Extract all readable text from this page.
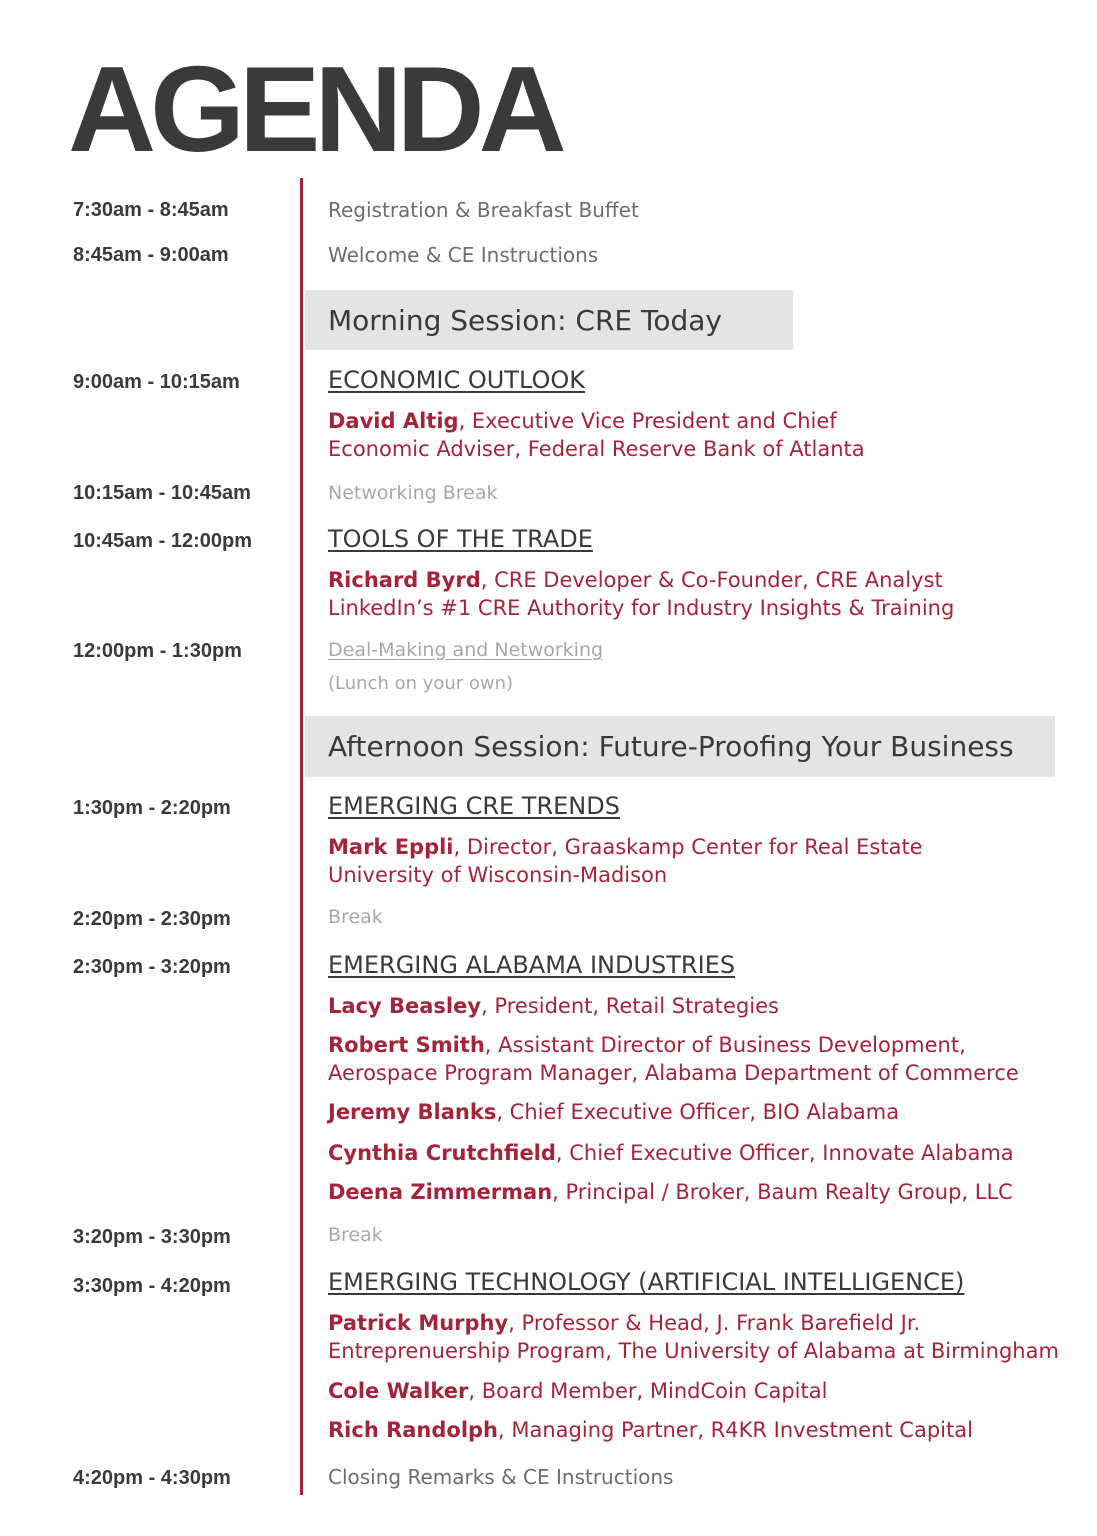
AGENDA
7:30am - 8:45am	Registration & Breakfast Buffet
8:45am - 9:00am	Welcome & CE Instructions
Morning Session: CRE Today
9:00am - 10:15am	ECONOMIC OUTLOOK
David Altig, Executive Vice President and Chief
Economic Adviser, Federal Reserve Bank of Atlanta
10:15am - 10:45am	Networking Break
10:45am - 12:00pm	TOOLS OF THE TRADE
Richard Byrd, CRE Developer & Co-Founder, CRE Analyst
LinkedIn’s #1 CRE Authority for Industry Insights & Training
12:00pm - 1:30pm	Deal-Making and Networking
(Lunch on your own)
Afternoon Session: Future-Proofing Your Business
1:30pm - 2:20pm	EMERGING CRE TRENDS
Mark Eppli, Director, Graaskamp Center for Real Estate
University of Wisconsin-Madison
2:20pm - 2:30pm	Break
2:30pm - 3:20pm	EMERGING ALABAMA INDUSTRIES
Lacy Beasley, President, Retail Strategies
Robert Smith, Assistant Director of Business Development,
Aerospace Program Manager, Alabama Department of Commerce
Jeremy Blanks, Chief Executive Officer, BIO Alabama
Cynthia Crutchfield, Chief Executive Officer, Innovate Alabama
Deena Zimmerman, Principal / Broker, Baum Realty Group, LLC
3:20pm - 3:30pm	Break
3:30pm - 4:20pm	EMERGING TECHNOLOGY (ARTIFICIAL INTELLIGENCE)
Patrick Murphy, Professor & Head, J. Frank Barefield Jr.
Entreprenuership Program, The University of Alabama at Birmingham
Cole Walker, Board Member, MindCoin Capital
Rich Randolph, Managing Partner, R4KR Investment Capital
4:20pm - 4:30pm	Closing Remarks & CE Instructions
